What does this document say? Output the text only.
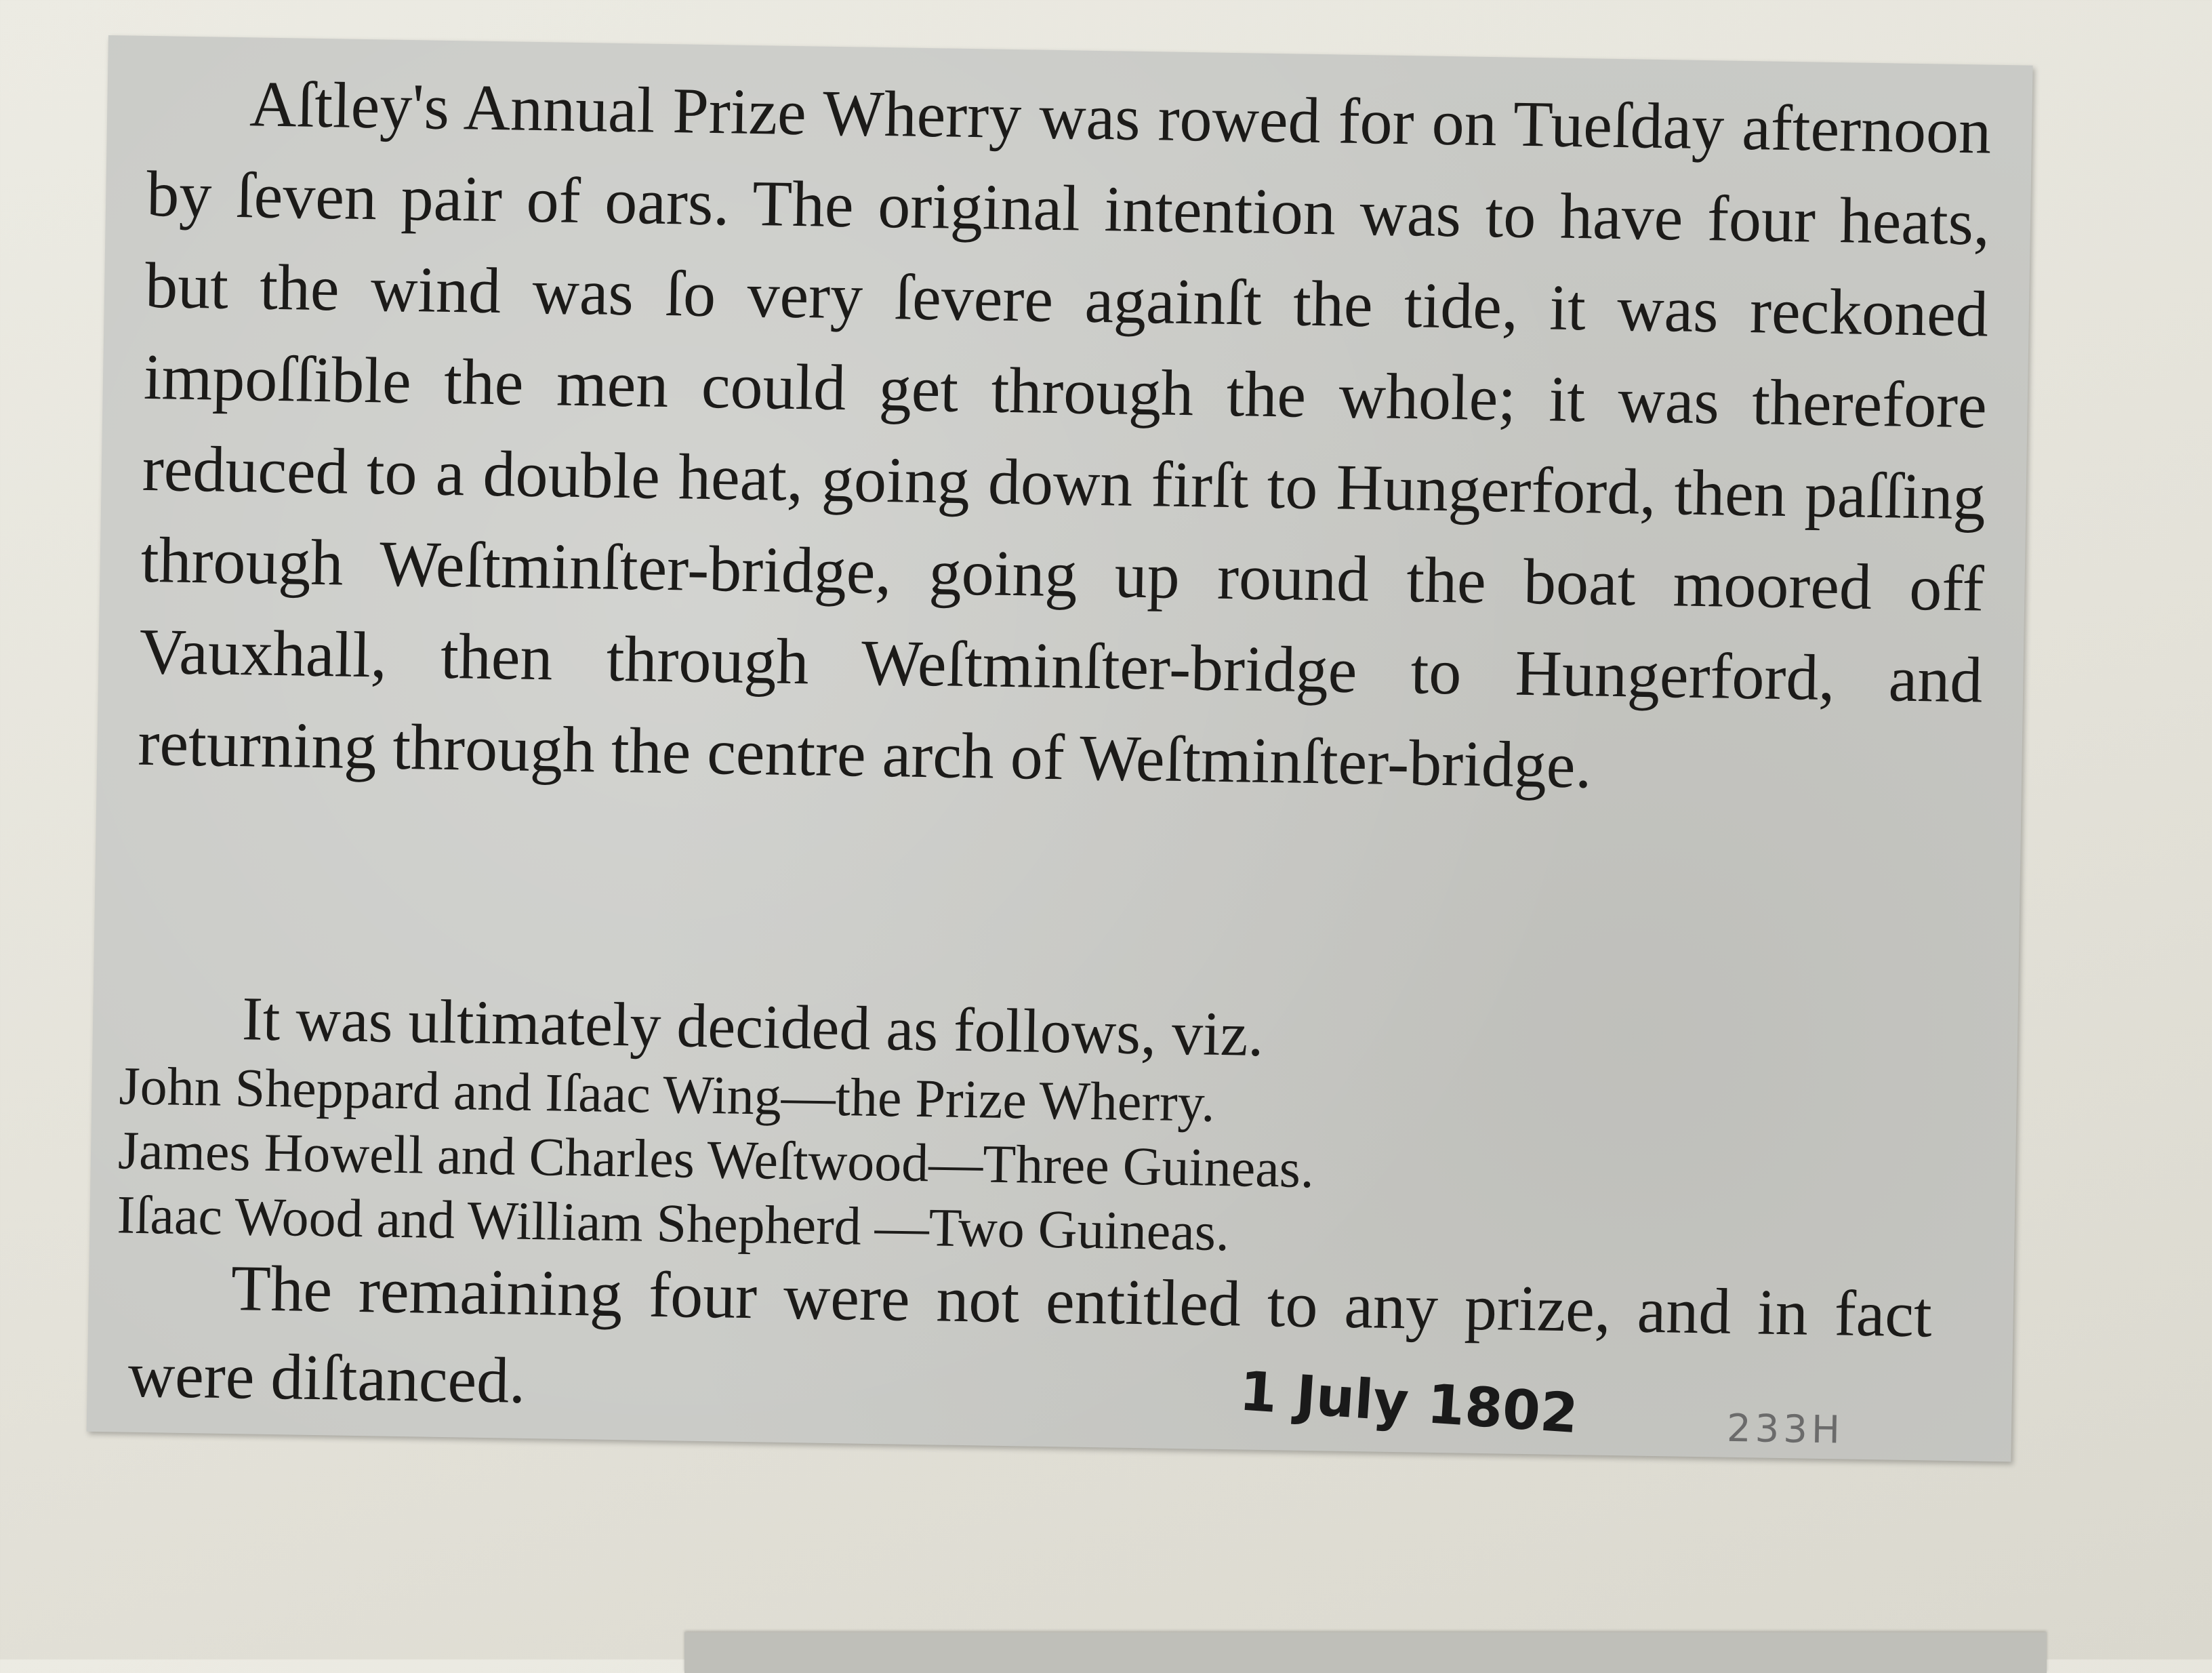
Aſtley's Annual Prize Wherry was rowed for on Tueſday afternoon by ſeven pair of oars. The original intention was to have four heats, but the wind was ſo very ſevere againſt the tide, it was reckoned impoſſible the men could get through the whole; it was therefore reduced to a double heat, going down firſt to Hungerford, then paſſing through Weſtminſter-bridge, going up round the boat moored off Vauxhall, then through Weſtminſter-bridge to Hungerford, and returning through the centre arch of Weſtminſter-bridge.

It was ultimately decided as follows, viz.

John Sheppard and Iſaac Wing—the Prize Wherry.

James Howell and Charles Weſtwood—Three Guineas.

Iſaac Wood and William Shepherd —Two Guineas.

The remaining four were not entitled to any prize, and in fact were diſtanced.	1 July 1802	233H
